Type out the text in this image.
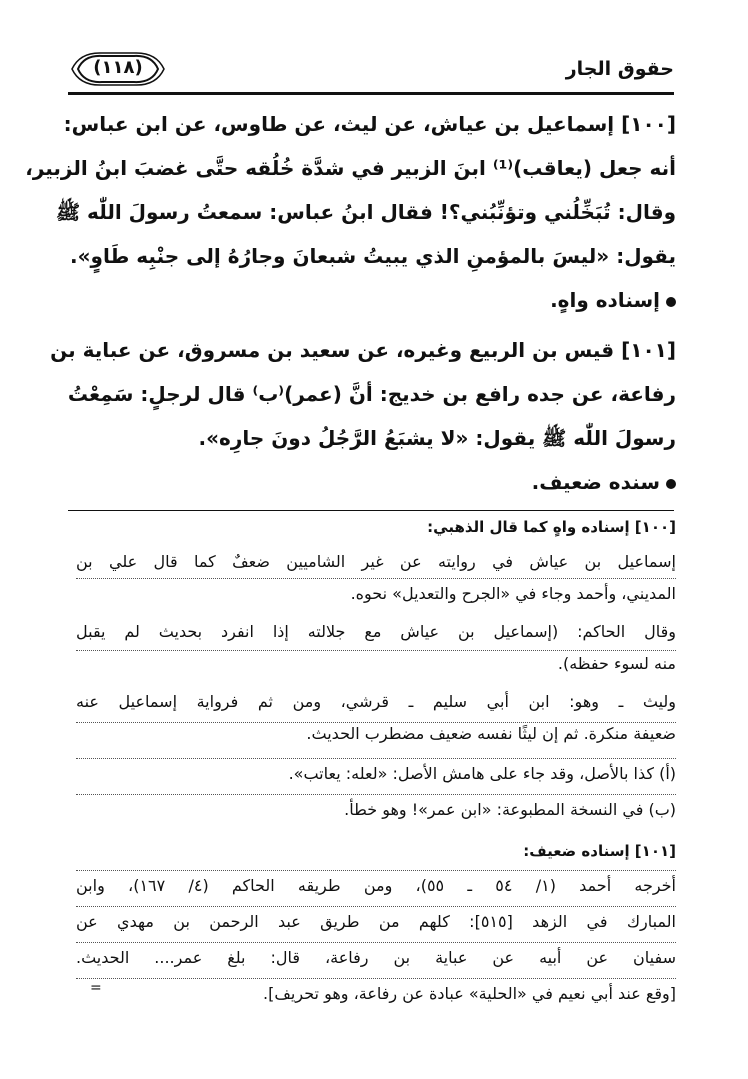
حقوق الجار
(١١٨)
[١٠٠] إسماعيل بن عياش، عن ليث، عن طاوس، عن ابن عباس:
أنه جعل (يعاقب)⁽¹⁾ ابنَ الزبير في شدَّة خُلُقه حتَّى غضبَ ابنُ الزبير،
وقال: تُبَخِّلُني وتؤنِّبُني؟! فقال ابنُ عباس: سمعتُ رسولَ اللّٰه ﷺ
يقول: «ليسَ بالمؤمنِ الذي يبيتُ شبعانَ وجارُهُ إلى جنْبِه طَاوٍ».
إسناده واهٍ.
[١٠١] قيس بن الربيع وغيره، عن سعيد بن مسروق، عن عباية بن
رفاعة، عن جده رافع بن خديج: أنَّ (عمر)⁽ب⁾ قال لرجلٍ: سَمِعْتُ
رسولَ اللّٰه ﷺ يقول: «لا يشبَعُ الرَّجُلُ دونَ جارِه».
سنده ضعيف.
[١٠٠] إسناده واهٍ كما قال الذهبي:
إسماعيل بن عياش في روايته عن غير الشاميين ضعفٌ كما قال علي بن
المديني، وأحمد وجاء في «الجرح والتعديل» نحوه.
وقال الحاكم: (إسماعيل بن عياش مع جلالته إذا انفرد بحديث لم يقبل
منه لسوء حفظه).
وليث ـ وهو: ابن أبي سليم ـ قرشي، ومن ثم فرواية إسماعيل عنه
ضعيفة منكرة. ثم إن ليثًا نفسه ضعيف مضطرب الحديث.
(أ) كذا بالأصل، وقد جاء على هامش الأصل: «لعله: يعاتب».
(ب) في النسخة المطبوعة: «ابن عمر»! وهو خطأ.
[١٠١] إسناده ضعيف:
أخرجه أحمد (١/ ٥٤ ـ ٥٥)، ومن طريقه الحاكم (٤/ ١٦٧)، وابن
المبارك في الزهد [٥١٥]: كلهم من طريق عبد الرحمن بن مهدي عن
سفيان عن أبيه عن عباية بن رفاعة، قال: بلغ عمر.... الحديث.
[وقع عند أبي نعيم في «الحلية» عبادة عن رفاعة، وهو تحريف].
=
